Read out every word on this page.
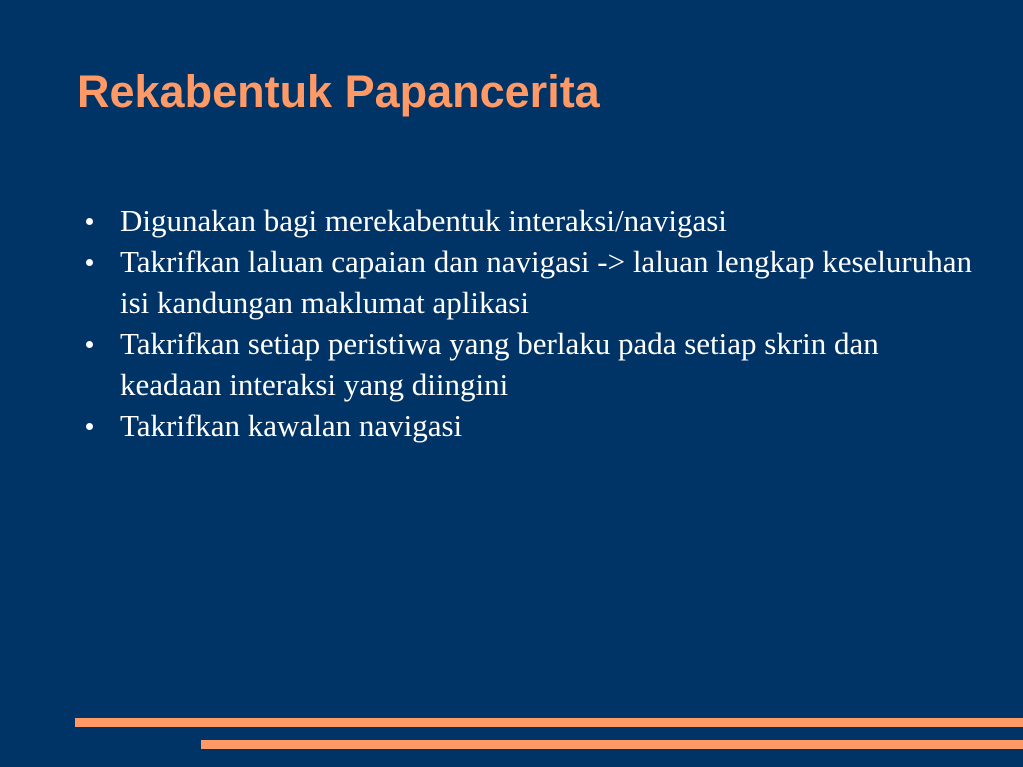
Rekabentuk Papancerita
Digunakan bagi merekabentuk interaksi/navigasi
Takrifkan laluan capaian dan navigasi -> laluan lengkap keseluruhan isi kandungan maklumat aplikasi
Takrifkan setiap peristiwa yang berlaku pada setiap skrin dan keadaan interaksi yang diingini
Takrifkan kawalan navigasi
